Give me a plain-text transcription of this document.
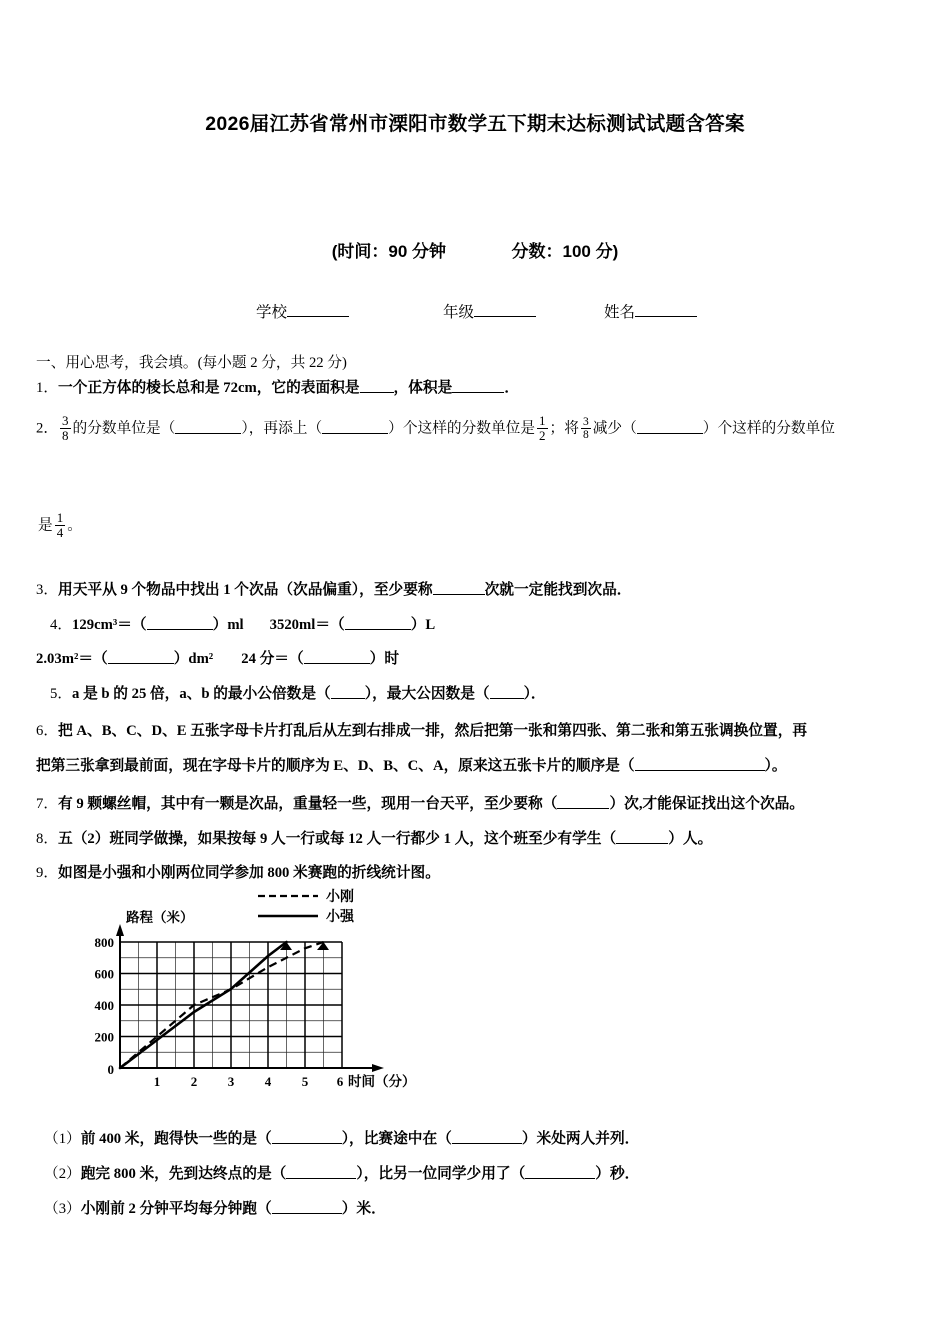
2026届江苏省常州市溧阳市数学五下期末达标测试试题含答案
(时间：90 分钟	分数：100 分)
学校	年级	姓名
一、用心思考，我会填。(每小题 2 分，共 22 分)
1．一个正方体的棱长总和是 72cm，它的表面积是 ，体积是	．
2． $\frac{3}{8}$ 的分数单位是（	），再添上（	）个这样的分数单位是 $\frac{1}{2}$ ；将 $\frac{3}{8}$ 减少（	）个这样的分数单位
是 $\frac{1}{4}$ 。
3．用天平从 9 个物品中找出 1 个次品（次品偏重），至少要称	次就一定能找到次品．
4．129cm³＝（	）ml 3520ml＝（	）L
2.03m²＝（	）dm² 24 分＝（	）时
5．a 是 b 的 25 倍，a、b 的最小公倍数是（ ），最大公因数是（ ）．
6．把 A、B、C、D、E 五张字母卡片打乱后从左到右排成一排，然后把第一张和第四张、第二张和第五张调换位置，再
把第三张拿到最前面，现在字母卡片的顺序为 E、D、B、C、A，原来这五张卡片的顺序是（	）。
7．有 9 颗螺丝帽，其中有一颗是次品，重量轻一些，现用一台天平，至少要称（	）次,才能保证找出这个次品。
8．五（2）班同学做操，如果按每 9 人一行或每 12 人一行都少 1 人，这个班至少有学生（	）人。
9．如图是小强和小刚两位同学参加 800 米赛跑的折线统计图。
800
600
400
200
0
1 2 3 4 5 6
路程（米）
时间（分）
小刚
小强
（1）前 400 米，跑得快一些的是（	），比赛途中在（	）米处两人并列．
（2）跑完 800 米，先到达终点的是（	），比另一位同学少用了（	）秒．
（3）小刚前 2 分钟平均每分钟跑（	）米．
